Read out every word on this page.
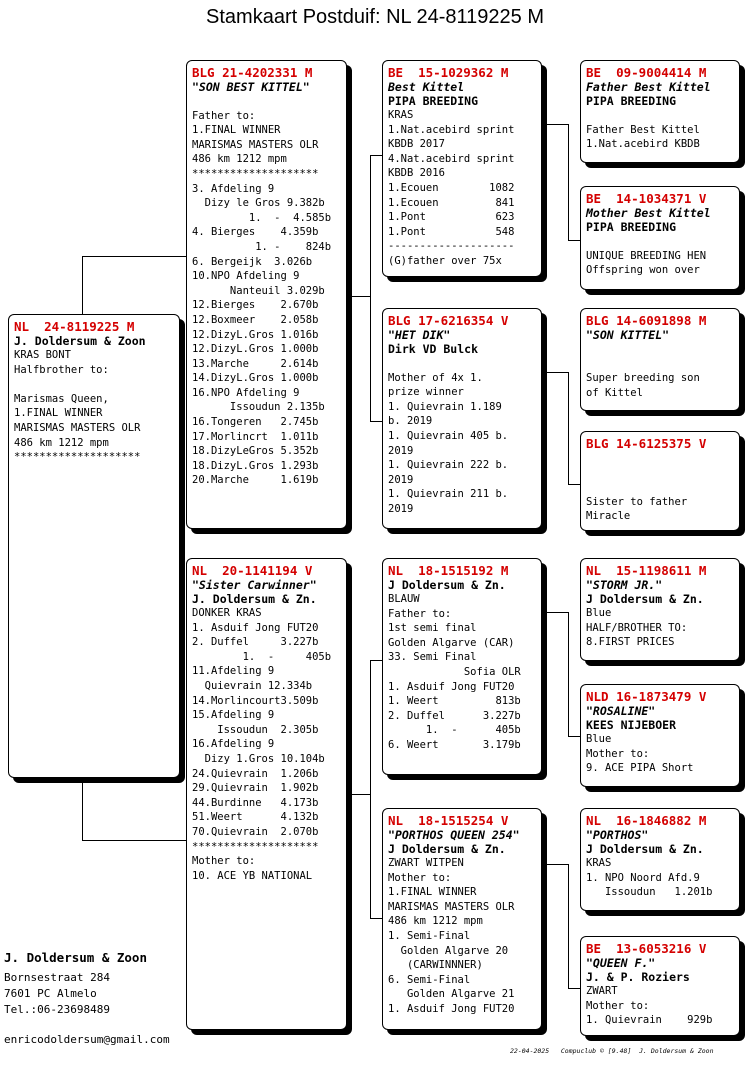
Stamkaart Postduif: NL 24-8119225 M
NL  24-8119225 M
J. Doldersum & Zoon
KRAS BONT
Halfbrother to:

Marismas Queen,
1.FINAL WINNER
MARISMAS MASTERS OLR
486 km 1212 mpm
********************
BLG 21-4202331 M
"SON BEST KITTEL"

Father to:
1.FINAL WINNER
MARISMAS MASTERS OLR
486 km 1212 mpm
********************
3. Afdeling 9
Dizy le Gros 9.382b
1.  -  4.585b
4. Bierges    4.359b
1. -    824b
6. Bergeijk  3.026b
10.NPO Afdeling 9
Nanteuil 3.029b
12.Bierges    2.670b
12.Boxmeer    2.058b
12.DizyL.Gros 1.016b
12.DizyL.Gros 1.000b
13.Marche     2.614b
14.DizyL.Gros 1.000b
16.NPO Afdeling 9
Issoudun 2.135b
16.Tongeren   2.745b
17.Morlincrt  1.011b
18.DizyLeGros 5.352b
18.DizyL.Gros 1.293b
20.Marche     1.619b
NL  20-1141194 V
"Sister Carwinner"
J. Doldersum & Zn.
DONKER KRAS
1. Asduif Jong FUT20
2. Duffel     3.227b
1.  -     405b
11.Afdeling 9
Quievrain 12.334b
14.Morlincourt3.509b
15.Afdeling 9
Issoudun  2.305b
16.Afdeling 9
Dizy 1.Gros 10.104b
24.Quievrain  1.206b
29.Quievrain  1.902b
44.Burdinne   4.173b
51.Weert      4.132b
70.Quievrain  2.070b
********************
Mother to:
10. ACE YB NATIONAL
BE  15-1029362 M
Best Kittel
PIPA BREEDING
KRAS
1.Nat.acebird sprint
KBDB 2017
4.Nat.acebird sprint
KBDB 2016
1.Ecouen        1082
1.Ecouen         841
1.Pont           623
1.Pont           548
--------------------
(G)father over 75x
BLG 17-6216354 V
"HET DIK"
Dirk VD Bulck

Mother of 4x 1.
prize winner
1. Quievrain 1.189
b. 2019
1. Quievrain 405 b.
2019
1. Quievrain 222 b.
2019
1. Quievrain 211 b.
2019
NL  18-1515192 M
J Doldersum & Zn.
BLAUW
Father to:
1st semi final
Golden Algarve (CAR)
33. Semi Final
Sofia OLR
1. Asduif Jong FUT20
1. Weert         813b
2. Duffel      3.227b
1.  -      405b
6. Weert       3.179b
NL  18-1515254 V
"PORTHOS QUEEN 254"
J Doldersum & Zn.
ZWART WITPEN
Mother to:
1.FINAL WINNER
MARISMAS MASTERS OLR
486 km 1212 mpm
1. Semi-Final
Golden Algarve 20
(CARWINNNER)
6. Semi-Final
Golden Algarve 21
1. Asduif Jong FUT20
BE  09-9004414 M
Father Best Kittel
PIPA BREEDING

Father Best Kittel
1.Nat.acebird KBDB
BE  14-1034371 V
Mother Best Kittel
PIPA BREEDING

UNIQUE BREEDING HEN
Offspring won over
BLG 14-6091898 M
"SON KITTEL"

Super breeding son
of Kittel
BLG 14-6125375 V

Sister to father
Miracle
NL  15-1198611 M
"STORM JR."
J Doldersum & Zn.
Blue
HALF/BROTHER TO:
8.FIRST PRICES
NLD 16-1873479 V
"ROSALINE"
KEES NIJEBOER
Blue
Mother to:
9. ACE PIPA Short
NL  16-1846882 M
"PORTHOS"
J Doldersum & Zn.
KRAS
1. NPO Noord Afd.9
Issoudun   1.201b
BE  13-6053216 V
"QUEEN F."
J. & P. Roziers
ZWART
Mother to:
1. Quievrain    929b
J. Doldersum & Zoon
Bornsestraat 284
7601 PC Almelo
Tel.:06-23698489
enricodoldersum@gmail.com
22-04-2025   Compuclub © [9.48]  J. Doldersum & Zoon
